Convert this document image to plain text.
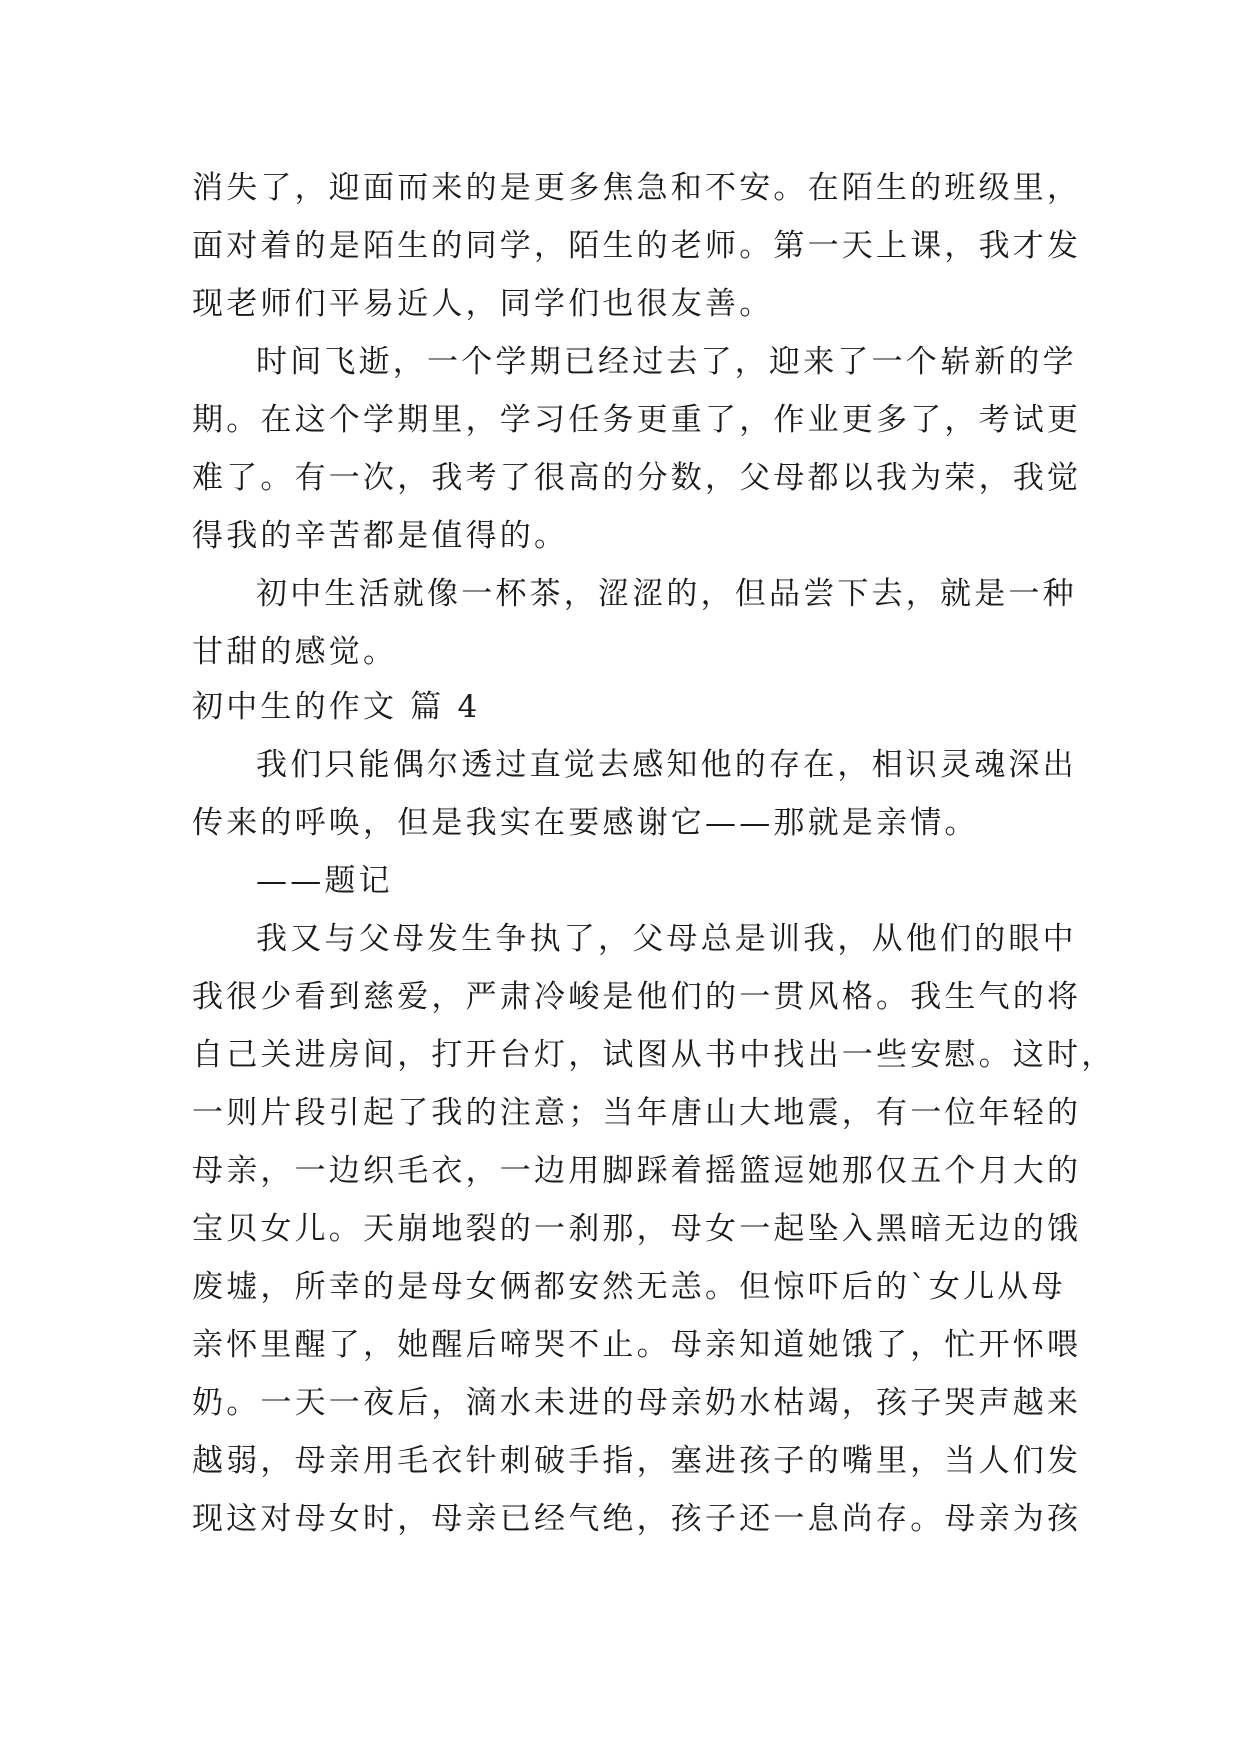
消失了，迎面而来的是更多焦急和不安。在陌生的班级里，
面对着的是陌生的同学，陌生的老师。第一天上课，我才发
现老师们平易近人，同学们也很友善。
时间飞逝，一个学期已经过去了，迎来了一个崭新的学
期。在这个学期里，学习任务更重了，作业更多了，考试更
难了。有一次，我考了很高的分数，父母都以我为荣，我觉
得我的辛苦都是值得的。
初中生活就像一杯茶，涩涩的，但品尝下去，就是一种
甘甜的感觉。
初中生的作文 篇 4
我们只能偶尔透过直觉去感知他的存在，相识灵魂深出
传来的呼唤，但是我实在要感谢它——那就是亲情。
——题记
我又与父母发生争执了，父母总是训我，从他们的眼中
我很少看到慈爱，严肃冷峻是他们的一贯风格。我生气的将
自己关进房间，打开台灯，试图从书中找出一些安慰。这时，
一则片段引起了我的注意；当年唐山大地震，有一位年轻的
母亲，一边织毛衣，一边用脚踩着摇篮逗她那仅五个月大的
宝贝女儿。天崩地裂的一刹那，母女一起坠入黑暗无边的饿
废墟，所幸的是母女俩都安然无恙。但惊吓后的`女儿从母
亲怀里醒了，她醒后啼哭不止。母亲知道她饿了，忙开怀喂
奶。一天一夜后，滴水未进的母亲奶水枯竭，孩子哭声越来
越弱，母亲用毛衣针刺破手指，塞进孩子的嘴里，当人们发
现这对母女时，母亲已经气绝，孩子还一息尚存。母亲为孩
